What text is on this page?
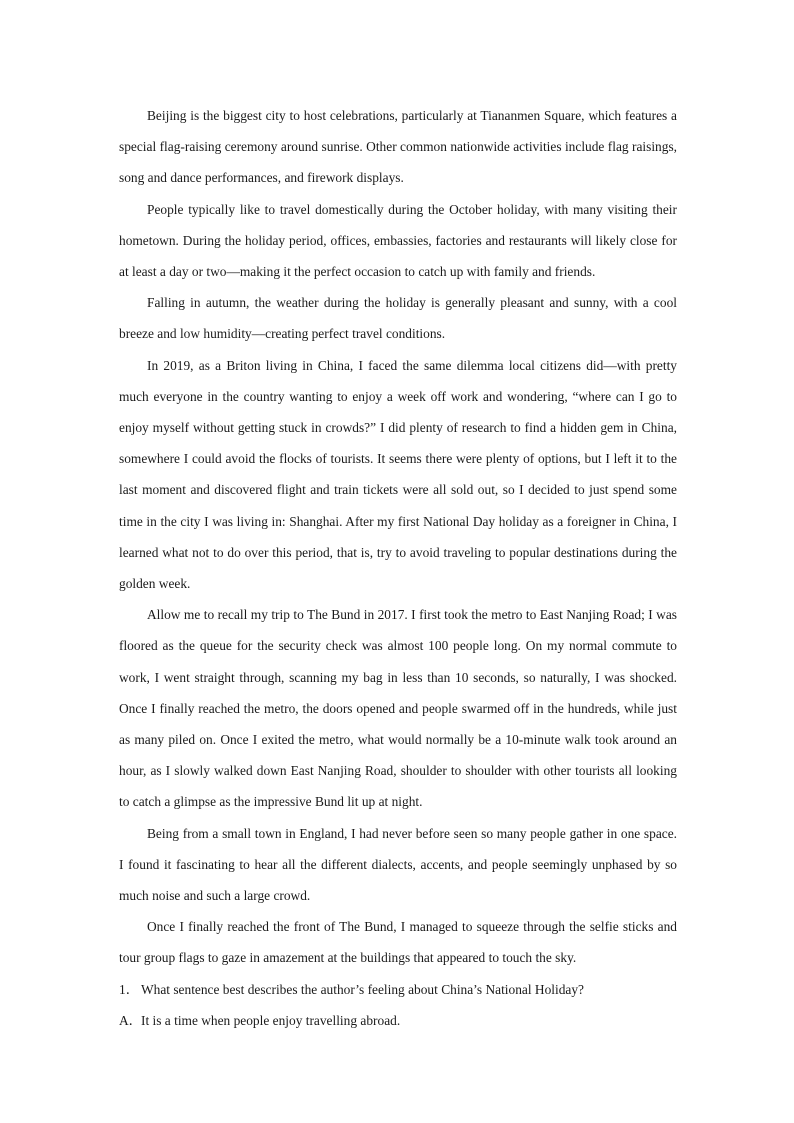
Beijing is the biggest city to host celebrations, particularly at Tiananmen Square, which features a special flag-raising ceremony around sunrise. Other common nationwide activities include flag raisings, song and dance performances, and firework displays.

People typically like to travel domestically during the October holiday, with many visiting their hometown. During the holiday period, offices, embassies, factories and restaurants will likely close for at least a day or two—making it the perfect occasion to catch up with family and friends.

Falling in autumn, the weather during the holiday is generally pleasant and sunny, with a cool breeze and low humidity—creating perfect travel conditions.

In 2019, as a Briton living in China, I faced the same dilemma local citizens did—with pretty much everyone in the country wanting to enjoy a week off work and wondering, “where can I go to enjoy myself without getting stuck in crowds?” I did plenty of research to find a hidden gem in China, somewhere I could avoid the flocks of tourists. It seems there were plenty of options, but I left it to the last moment and discovered flight and train tickets were all sold out, so I decided to just spend some time in the city I was living in: Shanghai. After my first National Day holiday as a foreigner in China, I learned what not to do over this period, that is, try to avoid traveling to popular destinations during the golden week.

Allow me to recall my trip to The Bund in 2017. I first took the metro to East Nanjing Road; I was floored as the queue for the security check was almost 100 people long. On my normal commute to work, I went straight through, scanning my bag in less than 10 seconds, so naturally, I was shocked. Once I finally reached the metro, the doors opened and people swarmed off in the hundreds, while just as many piled on. Once I exited the metro, what would normally be a 10-minute walk took around an hour, as I slowly walked down East Nanjing Road, shoulder to shoulder with other tourists all looking to catch a glimpse as the impressive Bund lit up at night.

Being from a small town in England, I had never before seen so many people gather in one space. I found it fascinating to hear all the different dialects, accents, and people seemingly unphased by so much noise and such a large crowd.

Once I finally reached the front of The Bund, I managed to squeeze through the selfie sticks and tour group flags to gaze in amazement at the buildings that appeared to touch the sky.

1． What sentence best describes the author’s feeling about China’s National Holiday?

A．It is a time when people enjoy travelling abroad.
